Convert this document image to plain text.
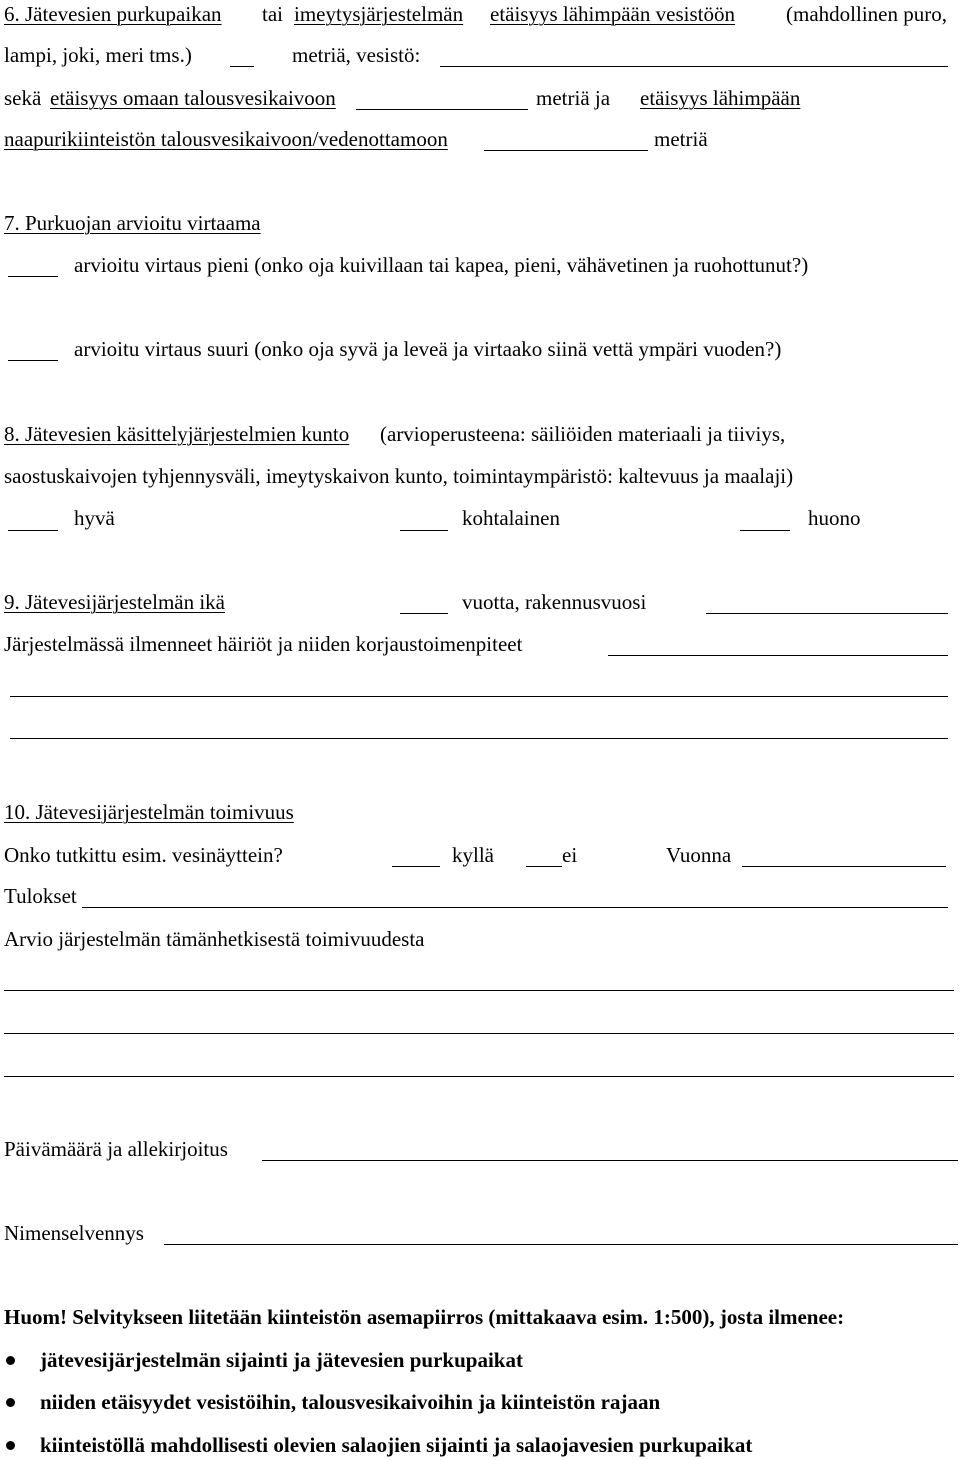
6. Jätevesien purkupaikan tai imeytysjärjestelmän etäisyys lähimpään vesistöön (mahdollinen puro,
lampi, joki, meri tms.)	metriä, vesistö:
sekä etäisyys omaan talousvesikaivoon	metriä ja etäisyys lähimpään
naapurikiinteistön talousvesikaivoon/vedenottamoon	metriä
7. Purkuojan arvioitu virtaama
arvioitu virtaus pieni (onko oja kuivillaan tai kapea, pieni, vähävetinen ja ruohottunut?)
arvioitu virtaus suuri (onko oja syvä ja leveä ja virtaako siinä vettä ympäri vuoden?)
8. Jätevesien käsittelyjärjestelmien kunto (arvioperusteena: säiliöiden materiaali ja tiiviys,
saostuskaivojen tyhjennysväli, imeytyskaivon kunto, toimintaympäristö: kaltevuus ja maalaji)
hyvä	kohtalainen	huono
9. Jätevesijärjestelmän ikä	vuotta, rakennusvuosi
Järjestelmässä ilmenneet häiriöt ja niiden korjaustoimenpiteet
10. Jätevesijärjestelmän toimivuus
Onko tutkittu esim. vesinäyttein?	kyllä	ei	Vuonna
Tulokset
Arvio järjestelmän tämänhetkisestä toimivuudesta
Päivämäärä ja allekirjoitus
Nimenselvennys
Huom! Selvitykseen liitetään kiinteistön asemapiirros (mittakaava esim. 1:500), josta ilmenee:
jätevesijärjestelmän sijainti ja jätevesien purkupaikat
niiden etäisyydet vesistöihin, talousvesikaivoihin ja kiinteistön rajaan
kiinteistöllä mahdollisesti olevien salaojien sijainti ja salaojavesien purkupaikat
